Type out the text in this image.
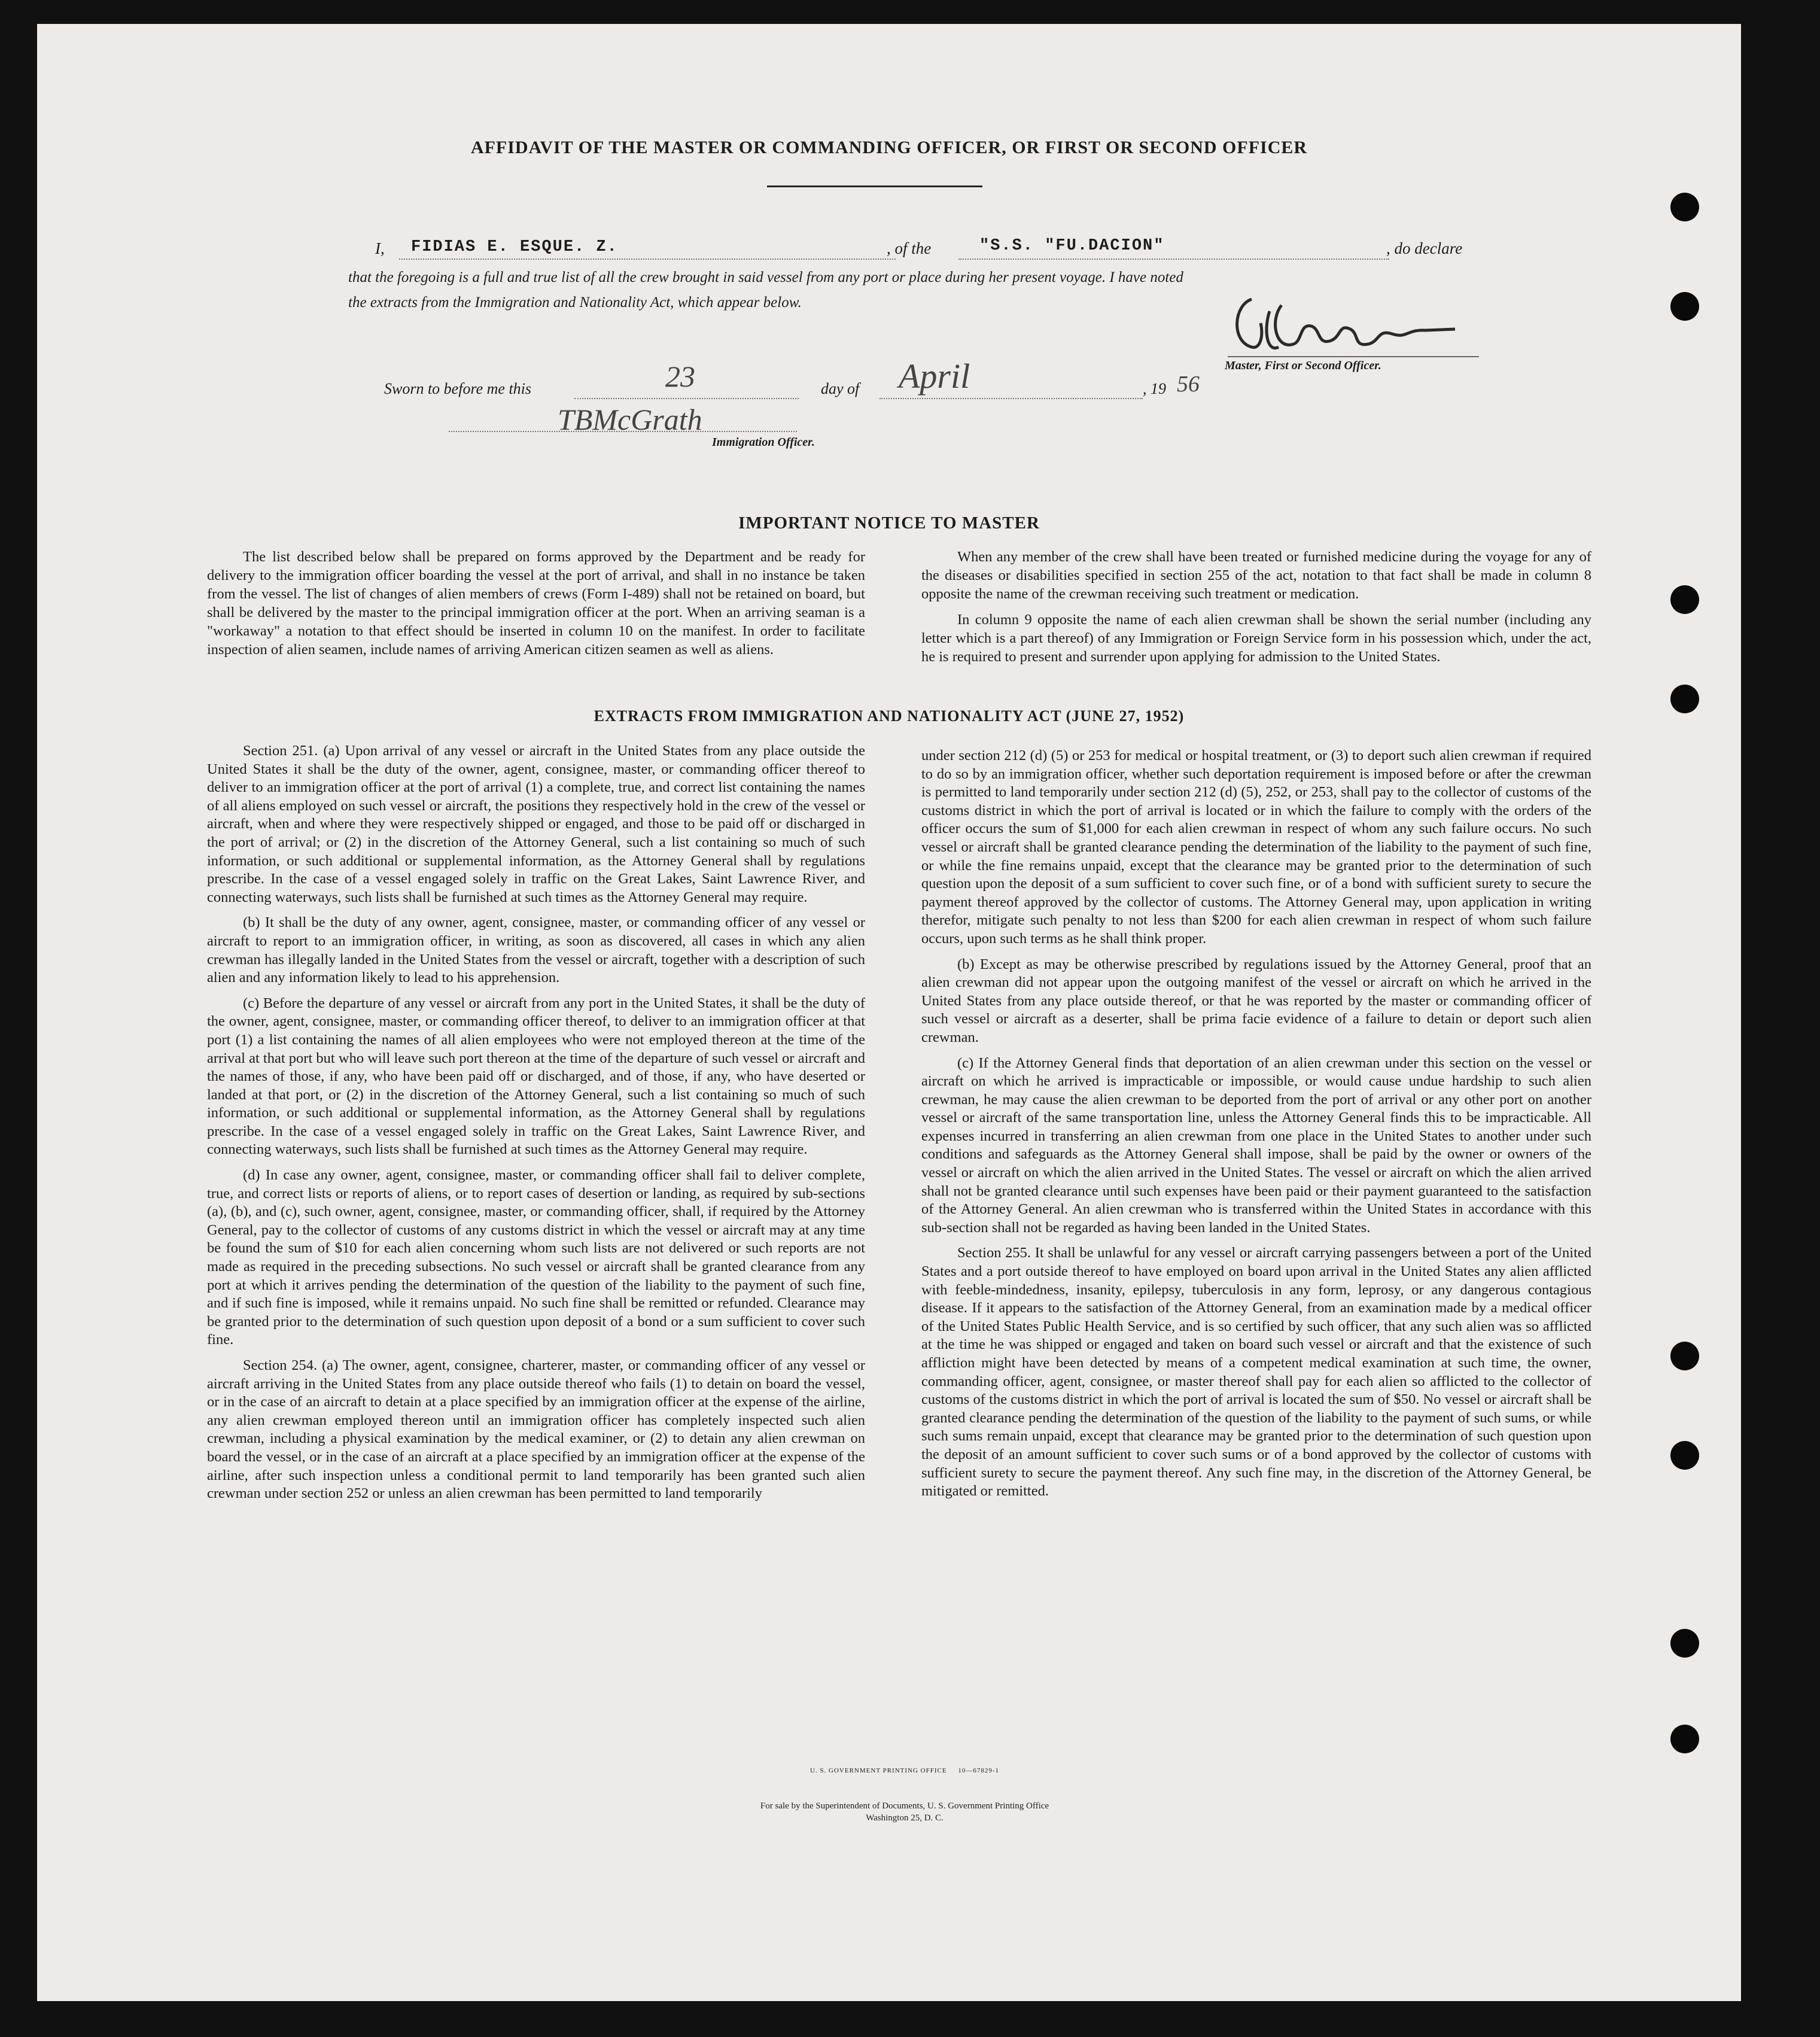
AFFIDAVIT OF THE MASTER OR COMMANDING OFFICER, OR FIRST OR SECOND OFFICER
I, FIDIAS E. ESQUE. Z.	, of the	"S.S. "FU.DACION"	, do declare
that the foregoing is a full and true list of all the crew brought in said vessel from any port or place during her present voyage. I have noted
the extracts from the Immigration and Nationality Act, which appear below.
Master, First or Second Officer.
Sworn to before me this	23	day of April	, 19 56
TBMcGrath
Immigration Officer.
IMPORTANT NOTICE TO MASTER

The list described below shall be prepared on forms approved by the Department and be ready for delivery to the immigration officer boarding the vessel at the port of arrival, and shall in no instance be taken from the vessel. The list of changes of alien members of crews (Form I-489) shall not be retained on board, but shall be delivered by the master to the principal immigration officer at the port. When an arriving seaman is a "workaway" a notation to that effect should be inserted in column 10 on the manifest. In order to facilitate inspection of alien seamen, include names of arriving American citizen seamen as well as aliens.

When any member of the crew shall have been treated or furnished medicine during the voyage for any of the diseases or disabilities specified in section 255 of the act, notation to that fact shall be made in column 8 opposite the name of the crewman receiving such treatment or medication.

In column 9 opposite the name of each alien crewman shall be shown the serial number (including any letter which is a part thereof) of any Immigration or Foreign Service form in his possession which, under the act, he is required to present and surrender upon applying for admission to the United States.

EXTRACTS FROM IMMIGRATION AND NATIONALITY ACT (JUNE 27, 1952)

Section 251. (a) Upon arrival of any vessel or aircraft in the United States from any place outside the United States it shall be the duty of the owner, agent, consignee, master, or commanding officer thereof to deliver to an immigration officer at the port of arrival (1) a complete, true, and correct list containing the names of all aliens employed on such vessel or aircraft, the positions they respectively hold in the crew of the vessel or aircraft, when and where they were respectively shipped or engaged, and those to be paid off or discharged in the port of arrival; or (2) in the discretion of the Attorney General, such a list containing so much of such information, or such additional or supplemental information, as the Attorney General shall by regulations prescribe. In the case of a vessel engaged solely in traffic on the Great Lakes, Saint Lawrence River, and connecting waterways, such lists shall be furnished at such times as the Attorney General may require.

(b) It shall be the duty of any owner, agent, consignee, master, or commanding officer of any vessel or aircraft to report to an immigration officer, in writing, as soon as discovered, all cases in which any alien crewman has illegally landed in the United States from the vessel or aircraft, together with a description of such alien and any information likely to lead to his apprehension.

(c) Before the departure of any vessel or aircraft from any port in the United States, it shall be the duty of the owner, agent, consignee, master, or commanding officer thereof, to deliver to an immigration officer at that port (1) a list containing the names of all alien employees who were not employed thereon at the time of the arrival at that port but who will leave such port thereon at the time of the departure of such vessel or aircraft and the names of those, if any, who have been paid off or discharged, and of those, if any, who have deserted or landed at that port, or (2) in the discretion of the Attorney General, such a list containing so much of such information, or such additional or supplemental information, as the Attorney General shall by regulations prescribe. In the case of a vessel engaged solely in traffic on the Great Lakes, Saint Lawrence River, and connecting waterways, such lists shall be furnished at such times as the Attorney General may require.

(d) In case any owner, agent, consignee, master, or commanding officer shall fail to deliver complete, true, and correct lists or reports of aliens, or to report cases of desertion or landing, as required by sub-sections (a), (b), and (c), such owner, agent, consignee, master, or commanding officer, shall, if required by the Attorney General, pay to the collector of customs of any customs district in which the vessel or aircraft may at any time be found the sum of $10 for each alien concerning whom such lists are not delivered or such reports are not made as required in the preceding subsections. No such vessel or aircraft shall be granted clearance from any port at which it arrives pending the determination of the question of the liability to the payment of such fine, and if such fine is imposed, while it remains unpaid. No such fine shall be remitted or refunded. Clearance may be granted prior to the determination of such question upon deposit of a bond or a sum sufficient to cover such fine.

Section 254. (a) The owner, agent, consignee, charterer, master, or commanding officer of any vessel or aircraft arriving in the United States from any place outside thereof who fails (1) to detain on board the vessel, or in the case of an aircraft to detain at a place specified by an immigration officer at the expense of the airline, any alien crewman employed thereon until an immigration officer has completely inspected such alien crewman, including a physical examination by the medical examiner, or (2) to detain any alien crewman on board the vessel, or in the case of an aircraft at a place specified by an immigration officer at the expense of the airline, after such inspection unless a conditional permit to land temporarily has been granted such alien crewman under section 252 or unless an alien crewman has been permitted to land temporarily

under section 212 (d) (5) or 253 for medical or hospital treatment, or (3) to deport such alien crewman if required to do so by an immigration officer, whether such deportation requirement is imposed before or after the crewman is permitted to land temporarily under section 212 (d) (5), 252, or 253, shall pay to the collector of customs of the customs district in which the port of arrival is located or in which the failure to comply with the orders of the officer occurs the sum of $1,000 for each alien crewman in respect of whom any such failure occurs. No such vessel or aircraft shall be granted clearance pending the determination of the liability to the payment of such fine, or while the fine remains unpaid, except that the clearance may be granted prior to the determination of such question upon the deposit of a sum sufficient to cover such fine, or of a bond with sufficient surety to secure the payment thereof approved by the collector of customs. The Attorney General may, upon application in writing therefor, mitigate such penalty to not less than $200 for each alien crewman in respect of whom such failure occurs, upon such terms as he shall think proper.

(b) Except as may be otherwise prescribed by regulations issued by the Attorney General, proof that an alien crewman did not appear upon the outgoing manifest of the vessel or aircraft on which he arrived in the United States from any place outside thereof, or that he was reported by the master or commanding officer of such vessel or aircraft as a deserter, shall be prima facie evidence of a failure to detain or deport such alien crewman.

(c) If the Attorney General finds that deportation of an alien crewman under this section on the vessel or aircraft on which he arrived is impracticable or impossible, or would cause undue hardship to such alien crewman, he may cause the alien crewman to be deported from the port of arrival or any other port on another vessel or aircraft of the same transportation line, unless the Attorney General finds this to be impracticable. All expenses incurred in transferring an alien crewman from one place in the United States to another under such conditions and safeguards as the Attorney General shall impose, shall be paid by the owner or owners of the vessel or aircraft on which the alien arrived in the United States. The vessel or aircraft on which the alien arrived shall not be granted clearance until such expenses have been paid or their payment guaranteed to the satisfaction of the Attorney General. An alien crewman who is transferred within the United States in accordance with this sub-section shall not be regarded as having been landed in the United States.

Section 255. It shall be unlawful for any vessel or aircraft carrying passengers between a port of the United States and a port outside thereof to have employed on board upon arrival in the United States any alien afflicted with feeble-mindedness, insanity, epilepsy, tuberculosis in any form, leprosy, or any dangerous contagious disease. If it appears to the satisfaction of the Attorney General, from an examination made by a medical officer of the United States Public Health Service, and is so certified by such officer, that any such alien was so afflicted at the time he was shipped or engaged and taken on board such vessel or aircraft and that the existence of such affliction might have been detected by means of a competent medical examination at such time, the owner, commanding officer, agent, consignee, or master thereof shall pay for each alien so afflicted to the collector of customs of the customs district in which the port of arrival is located the sum of $50. No vessel or aircraft shall be granted clearance pending the determination of the question of the liability to the payment of such sums, or while such sums remain unpaid, except that clearance may be granted prior to the determination of such question upon the deposit of an amount sufficient to cover such sums or of a bond approved by the collector of customs with sufficient surety to secure the payment thereof. Any such fine may, in the discretion of the Attorney General, be mitigated or remitted.

U. S. GOVERNMENT PRINTING OFFICE     10—67829-1
For sale by the Superintendent of Documents, U. S. Government Printing Office
Washington 25, D. C.
